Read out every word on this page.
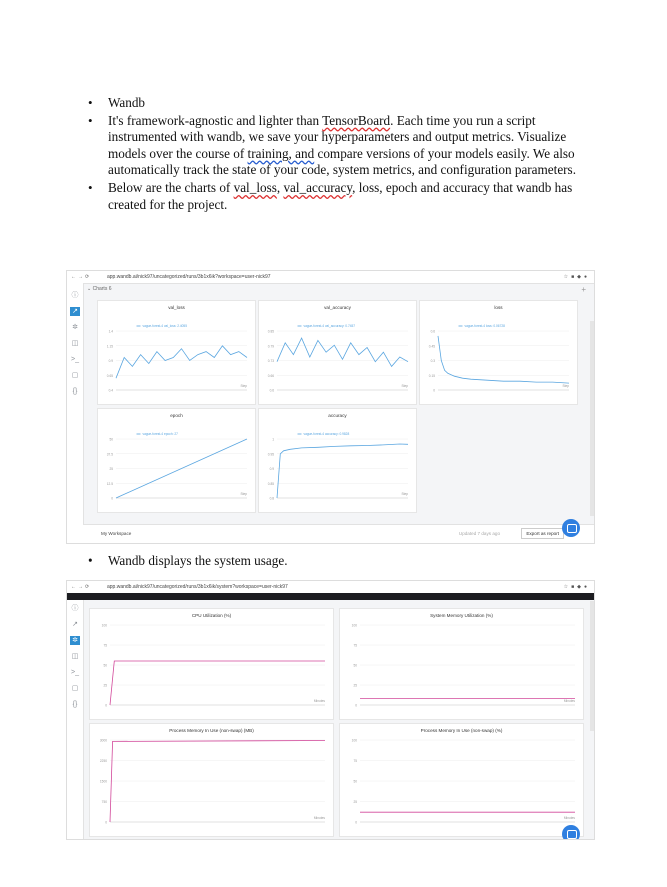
• Wandb
• It's framework-agnostic and lighter than TensorBoard. Each time you run a script instrumented with wandb, we save your hyperparameters and output metrics. Visualize models over the course of training, and compare versions of your models easily. We also automatically track the state of your code, system metrics, and configuration parameters.
• Below are the charts of val_loss, val_accuracy, loss, epoch and accuracy that wandb has created for the project.
←→⟳	app.wandb.ai/nick97/uncategorized/runs/3b1x6ik?workspace=user-nick97	☆■◆●
ⓘ
↗
✲
◫
>_
▢
{}
⌄ Charts 6	+
val_loss
0.4
0.65
0.9
1.15
1.4
Step
vague-forest-4 val_loss: 2.4055
val_accuracy
0.6
0.66
0.73
0.79
0.85
Step
vague-forest-4 val_accuracy: 0.7457
loss
0
0.15
0.3
0.45
0.6
Step
vague-forest-4 loss: 0.06728
epoch
0
12.5
25
37.5
50
Step
vague-forest-4 epoch: 27
accuracy
0.8
0.85
0.9
0.95
1
Step
vague-forest-4 accuracy: 0.9828
My Workspace	Updated 7 days ago	Export as report
• Wandb displays the system usage.
←→⟳	app.wandb.ai/nick97/uncategorized/runs/3b1x6ik/system?workspace=user-nick97	☆■◆●
ⓘ
↗
✲
◫
>_
▢
{}
CPU Utilization (%)
0
25
50
75
100
Minutes
System Memory Utilization (%)
0
25
50
75
100
Minutes
Process Memory In Use (non-swap) (MB)
0
750
1500
2250
3000
Minutes
Process Memory In Use (non-swap) (%)
0
25
50
75
100
Minutes
